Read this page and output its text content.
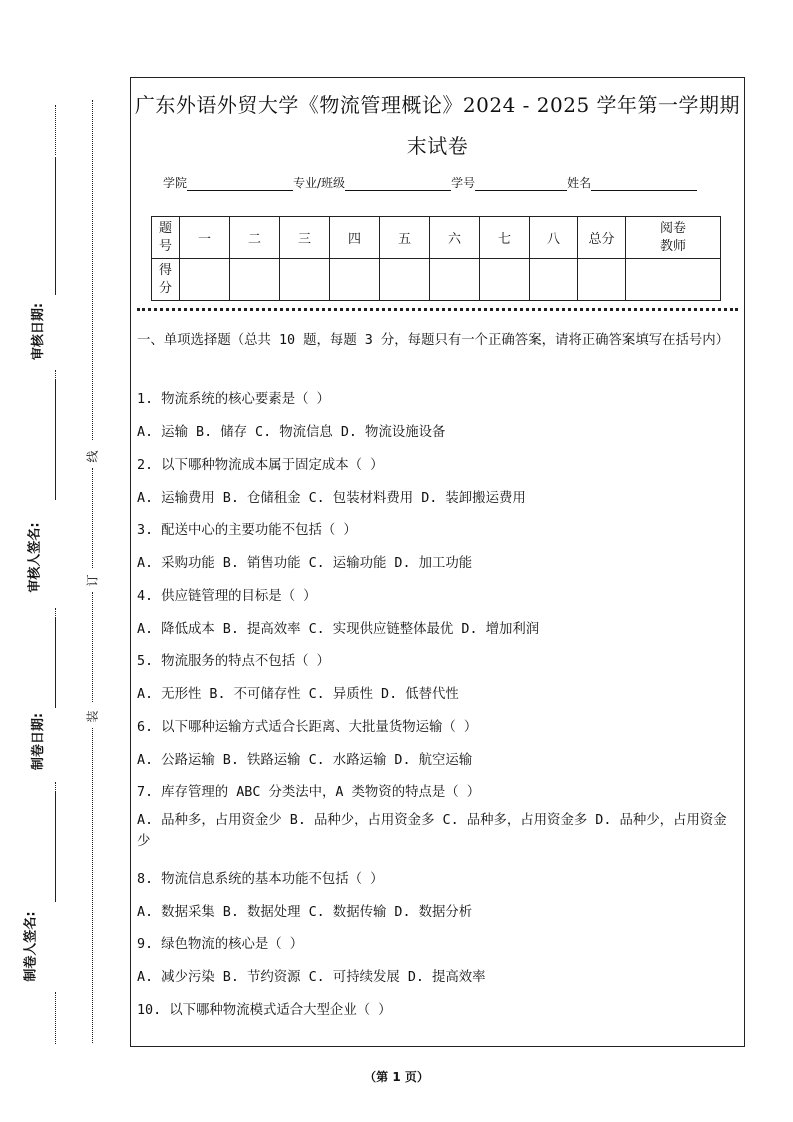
审核日期:
审核人签名:
制卷日期:
制卷人签名:
线
订
装
广东外语外贸大学《物流管理概论》2024 - 2025 学年第一学期期
末试卷
学院	专业/班级	学号	姓名
题号	一	二	三	四	五	六	七	八	总分	阅卷教师
得分										
一、单项选择题（总共 10 题，每题 3 分，每题只有一个正确答案，请将正确答案填写在括号内）
1. 物流系统的核心要素是（ ）
A. 运输 B. 储存 C. 物流信息 D. 物流设施设备
2. 以下哪种物流成本属于固定成本（ ）
A. 运输费用 B. 仓储租金 C. 包装材料费用 D. 装卸搬运费用
3. 配送中心的主要功能不包括（ ）
A. 采购功能 B. 销售功能 C. 运输功能 D. 加工功能
4. 供应链管理的目标是（ ）
A. 降低成本 B. 提高效率 C. 实现供应链整体最优 D. 增加利润
5. 物流服务的特点不包括（ ）
A. 无形性 B. 不可储存性 C. 异质性 D. 低替代性
6. 以下哪种运输方式适合长距离、大批量货物运输（ ）
A. 公路运输 B. 铁路运输 C. 水路运输 D. 航空运输
7. 库存管理的 ABC 分类法中，A 类物资的特点是（ ）
A. 品种多，占用资金少 B. 品种少，占用资金多 C. 品种多，占用资金多 D. 品种少，占用资金少
8. 物流信息系统的基本功能不包括（ ）
A. 数据采集 B. 数据处理 C. 数据传输 D. 数据分析
9. 绿色物流的核心是（ ）
A. 减少污染 B. 节约资源 C. 可持续发展 D. 提高效率
10. 以下哪种物流模式适合大型企业（ ）
（第 1 页）
